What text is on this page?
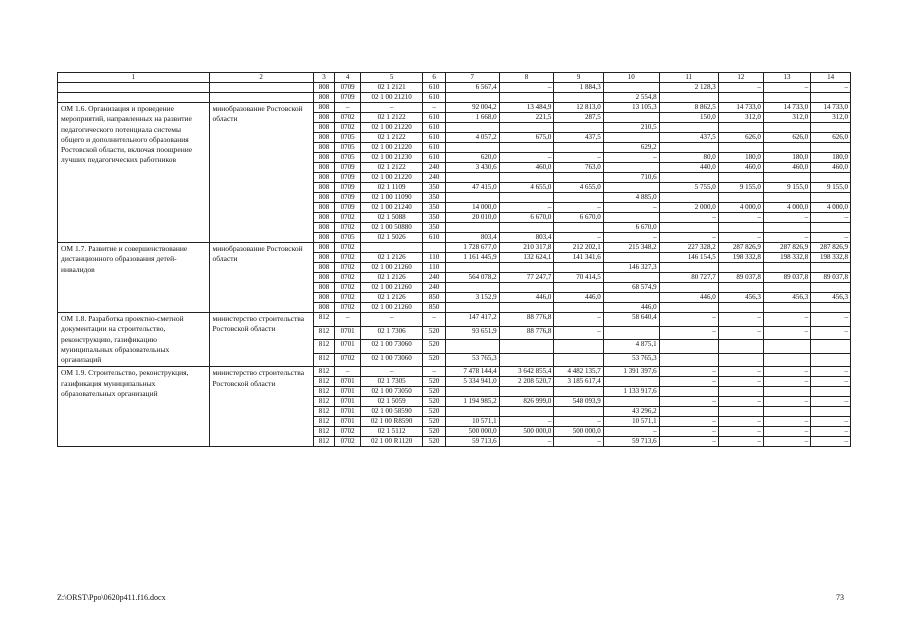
1	2	3	4	5	6	7	8	9	10	11	12	13	14
		808	0709	02 1 2121	610	6 567,4	–	1 884,3		2 128,3	–	–	–
		808	0709	02 1 00 21210	610				2 554,8				
ОМ 1.6. Организация и проведение мероприятий, направленных на развитие педагогического потенциала системы общего и дополнительного образования Ростовской области, включая поощрение лучших педагогических работников	минобразование Ростовской области	808	–	–	–	92 004,2	13 484,9	12 813,0	13 105,3	8 862,5	14 733,0	14 733,0	14 733,0
		808	0702	02 1 2122	610	1 668,0	221,5	287,5		150,0	312,0	312,0	312,0
		808	0702	02 1 00 21220	610				210,5				
		808	0705	02 1 2122	610	4 057,2	675,0	437,5		437,5	626,0	626,0	626,0
		808	0705	02 1 00 21220	610				629,2				
		808	0705	02 1 00 21230	610	620,0	–	–	–	80,0	180,0	180,0	180,0
		808	0709	02 1 2122	240	3 430,6	460,0	763,0		440,0	460,0	460,0	460,0
		808	0709	02 1 00 21220	240				710,6				
		808	0709	02 1 1109	350	47 415,0	4 655,0	4 655,0		5 755,0	9 155,0	9 155,0	9 155,0
		808	0709	02 1 00 11090	350				4 885,0				
		808	0709	02 1 00 21240	350	14 000,0	–	–	–	2 000,0	4 000,0	4 000,0	4 000,0
		808	0702	02 1 5088	350	20 010,0	6 670,0	6 670,0		–	–	–	–
		808	0702	02 1 00 50880	350				6 670,0				
		808	0705	02 1 5026	610	803,4	803,4	–	–	–	–	–	–
ОМ 1.7. Развитие и совершенствование дистанционного образования детей-инвалидов	минобразование Ростовской области	808	0702			1 728 677,0	210 317,8	212 202,1	215 348,2	227 328,2	287 826,9	287 826,9	287 826,9
		808	0702	02 1 2126	110	1 161 445,9	132 624,1	141 341,6		146 154,5	198 332,8	198 332,8	198 332,8
		808	0702	02 1 00 21260	110				146 327,3				
		808	0702	02 1 2126	240	564 078,2	77 247,7	70 414,5		80 727,7	89 037,8	89 037,8	89 037,8
		808	0702	02 1 00 21260	240				68 574,9				
		808	0702	02 1 2126	850	3 152,9	446,0	446,0		446,0	456,3	456,3	456,3
		808	0702	02 1 00 21260	850				446,0				
ОМ 1.8. Разработка проектно-сметной документации на строительство, реконструкцию, газификацию муниципальных образовательных организаций	министерство строительства Ростовской области	812	–	–	–	147 417,2	88 776,8	–	58 640,4	–	–	–	–
		812	0701	02 1 7306	520	93 651,9	88 776,8	–		–	–	–	–
		812	0701	02 1 00 73060	520				4 875,1				
		812	0702	02 1 00 73060	520	53 765,3			53 765,3				
ОМ 1.9. Строительство, реконструкция, газификация муниципальных образовательных организаций	министерство строительства Ростовской области	812	–	–	–	7 478 144,4	3 642 855,4	4 482 135,7	1 391 397,6	–	–	–	–
		812	0701	02 1 7305	520	5 334 941,0	2 208 520,7	3 185 617,4		–	–	–	–
		812	0701	02 1 00 73050	520				1 133 917,6				
		812	0701	02 1 5059	520	1 194 985,2	826 999,0	548 093,9		–	–	–	–
		812	0701	02 1 00 58590	520				43 296,2				
		812	0701	02 1 00 R8590	520	10 571,1	–	–	10 571,1	–	–	–	–
		812	0702	02 1 5112	520	500 000,0	500 000,0	500 000,0	–	–	–	–	–
		812	0702	02 1 00 R1120	520	59 713,6	–	–	59 713,6	–	–	–	–
Z:\ORST\Ppo\0620p411.f16.docx	73
